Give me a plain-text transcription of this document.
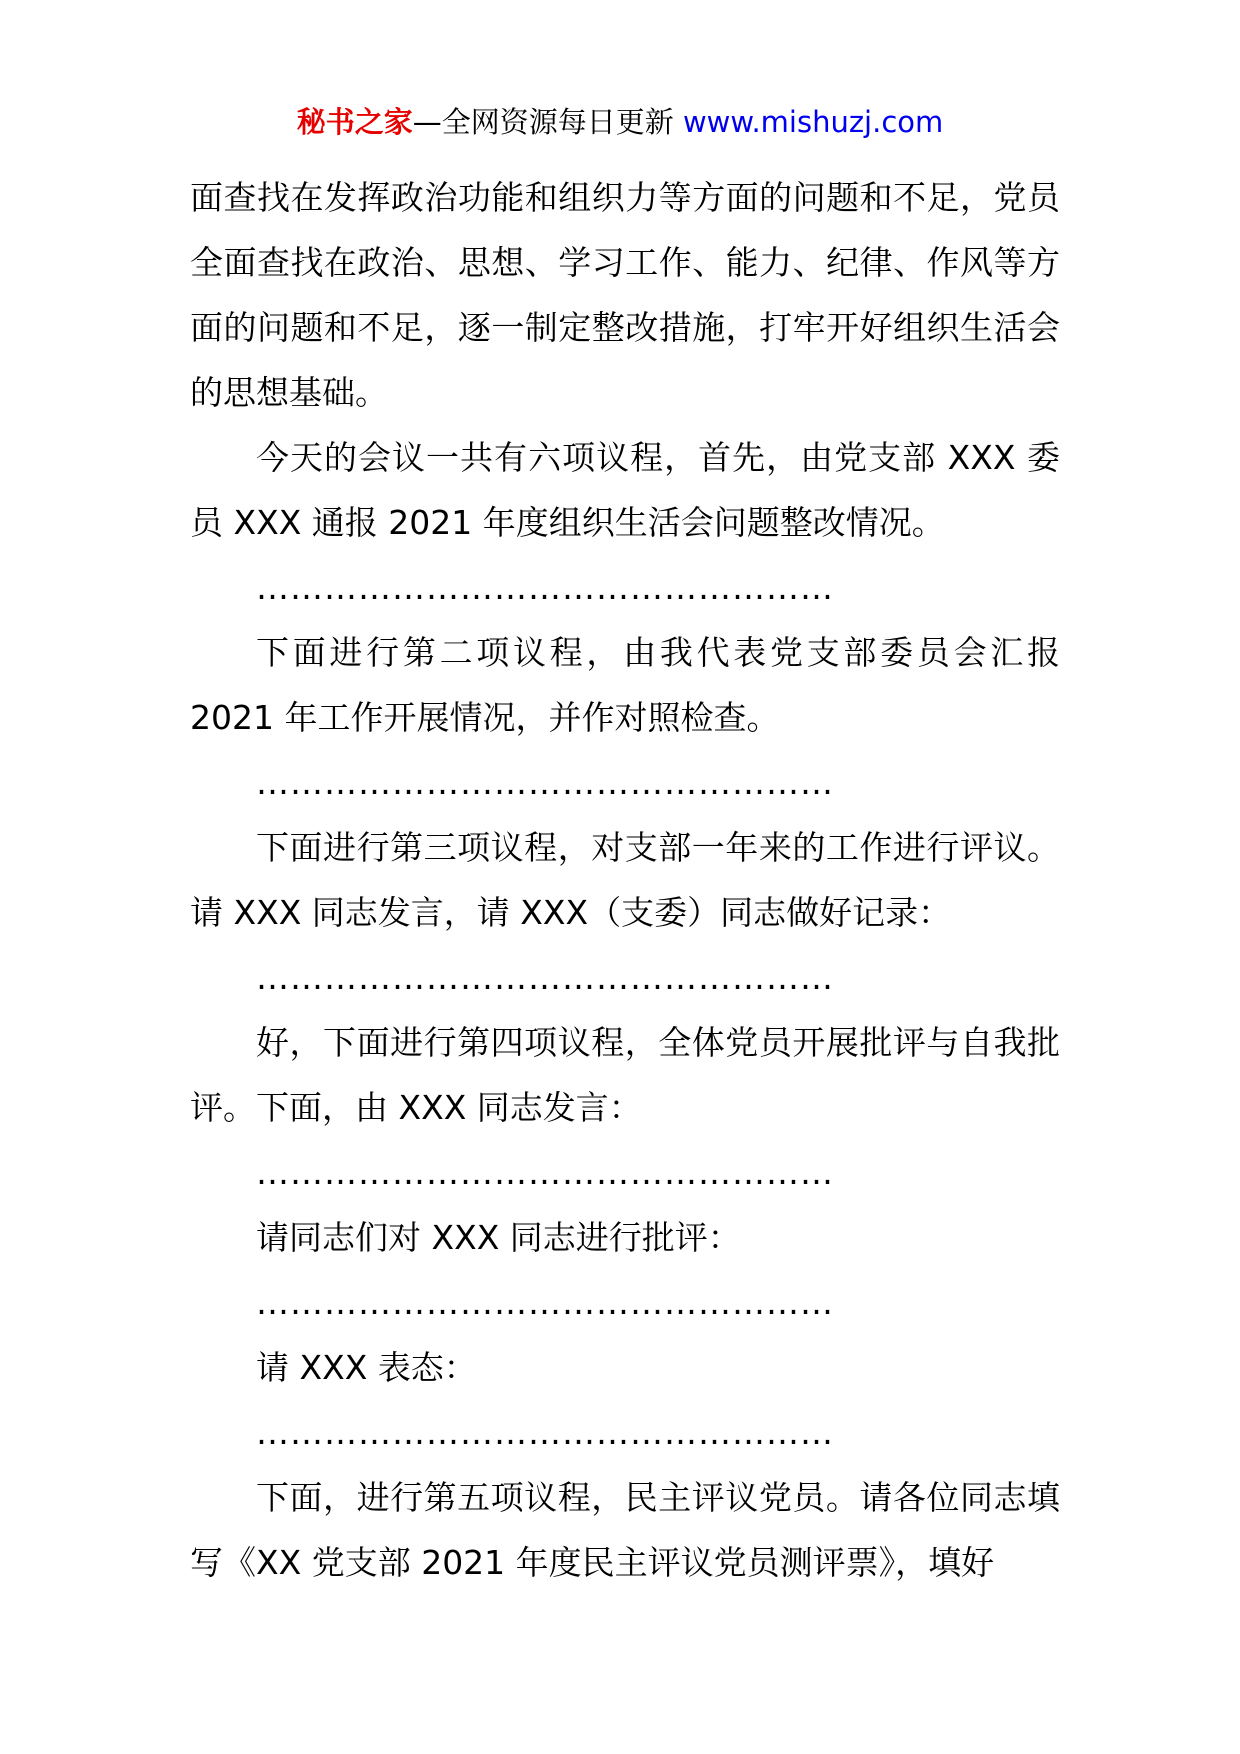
秘书之家—全网资源每日更新 www.mishuzj.com

面查找在发挥政治功能和组织力等方面的问题和不足，党员全面查找在政治、思想、学习工作、能力、纪律、作风等方面的问题和不足，逐一制定整改措施，打牢开好组织生活会的思想基础。

今天的会议一共有六项议程，首先，由党支部 XXX 委员 XXX 通报 2021 年度组织生活会问题整改情况。

……………………………………………

下面进行第二项议程，由我代表党支部委员会汇报 2021 年工作开展情况，并作对照检查。

……………………………………………

下面进行第三项议程，对支部一年来的工作进行评议。请 XXX 同志发言，请 XXX（支委）同志做好记录：

……………………………………………

好，下面进行第四项议程，全体党员开展批评与自我批评。下面，由 XXX 同志发言：

……………………………………………

请同志们对 XXX 同志进行批评：

……………………………………………

请 XXX 表态：

……………………………………………

下面，进行第五项议程，民主评议党员。请各位同志填写《XX 党支部 2021 年度民主评议党员测评票》，填好
